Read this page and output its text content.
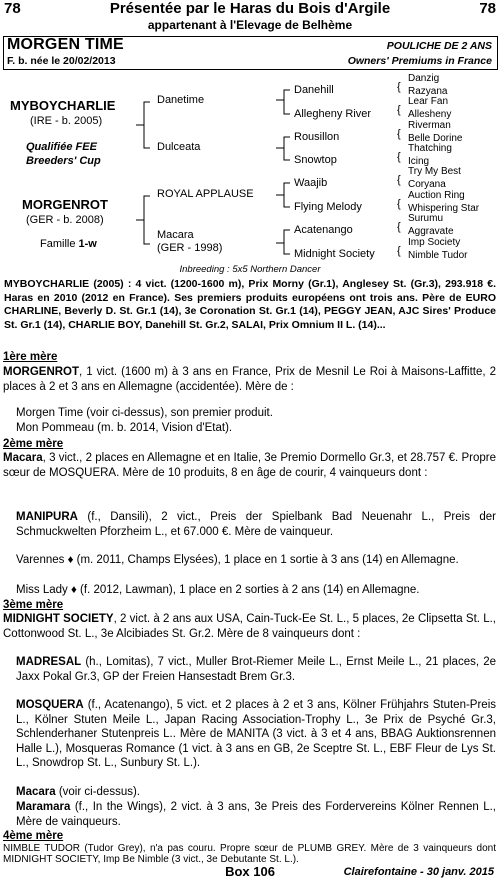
78	Présentée par le Haras du Bois d'Argile	78
appartenant à l'Elevage de Belhème
MORGEN TIME
F. b. née le 20/02/2013
POULICHE DE 2 ANS
Owners' Premiums in France
MYBOYCHARLIE
(IRE - b. 2005)
Qualifiée FEE
Breeders' Cup
MORGENROT
(GER - b. 2008)
Famille 1-w
Danetime
Dulceata
ROYAL APPLAUSE
Macara
(GER - 1998)
Danehill
Allegheny River
Rousillon
Snowtop
Waajib
Flying Melody
Acatenango
Midnight Society
Danzig
Razyana
Lear Fan
Allesheny
Riverman
Belle Dorine
Thatching
Icing
Try My Best
Coryana
Auction Ring
Whispering Star
Surumu
Aggravate
Imp Society
Nimble Tudor
{
{
{
{
{
{
{
{
Inbreeding : 5x5 Northern Dancer
MYBOYCHARLIE (2005) : 4 vict. (1200-1600 m), Prix Morny (Gr.1), Anglesey St. (Gr.3), 293.918 €. Haras en 2010 (2012 en France). Ses premiers produits européens ont trois ans. Père de EURO CHARLINE, Beverly D. St. Gr.1 (14), 3e Coronation St. Gr.1 (14), PEGGY JEAN, AJC Sires' Produce St. Gr.1 (14), CHARLIE BOY, Danehill St. Gr.2, SALAI, Prix Omnium II L. (14)...
1ère mère
MORGENROT, 1 vict. (1600 m) à 3 ans en France, Prix de Mesnil Le Roi à Maisons-Laffitte, 2 places à 2 et 3 ans en Allemagne (accidentée). Mère de :
Morgen Time (voir ci-dessus), son premier produit.
Mon Pommeau (m. b. 2014, Vision d'Etat).
2ème mère
Macara, 3 vict., 2 places en Allemagne et en Italie, 3e Premio Dormello Gr.3, et 28.757 €. Propre sœur de MOSQUERA. Mère de 10 produits, 8 en âge de courir, 4 vainqueurs dont :
MANIPURA (f., Dansili), 2 vict., Preis der Spielbank Bad Neuenahr L., Preis der Schmuckwelten Pforzheim L., et 67.000 €. Mère de vainqueur.
Varennes ♦ (m. 2011, Champs Elysées), 1 place en 1 sortie à 3 ans (14) en Allemagne.
Miss Lady ♦ (f. 2012, Lawman), 1 place en 2 sorties à 2 ans (14) en Allemagne.
3ème mère
MIDNIGHT SOCIETY, 2 vict. à 2 ans aux USA, Cain-Tuck-Ee St. L., 5 places, 2e Clipsetta St. L., Cottonwood St. L., 3e Alcibiades St. Gr.2. Mère de 8 vainqueurs dont :
MADRESAL (h., Lomitas), 7 vict., Muller Brot-Riemer Meile L., Ernst Meile L., 21 places, 2e Jaxx Pokal Gr.3, GP der Freien Hansestadt Brem Gr.3.
MOSQUERA (f., Acatenango), 5 vict. et 2 places à 2 et 3 ans, Kölner Frühjahrs Stuten-Preis L., Kölner Stuten Meile L., Japan Racing Association-Trophy L., 3e Prix de Psyché Gr.3, Schlenderhaner Stutenpreis L.. Mère de MANITA (3 vict. à 3 et 4 ans, BBAG Auktionsrennen Halle L.), Mosqueras Romance (1 vict. à 3 ans en GB, 2e Sceptre St. L., EBF Fleur de Lys St. L., Snowdrop St. L., Sunbury St. L.).
Macara (voir ci-dessus).
Maramara (f., In the Wings), 2 vict. à 3 ans, 3e Preis des Fordervereins Kölner Rennen L., Mère de vainqueurs.
4ème mère
NIMBLE TUDOR (Tudor Grey), n'a pas couru. Propre sœur de PLUMB GREY. Mère de 3 vainqueurs dont MIDNIGHT SOCIETY, Imp Be Nimble (3 vict., 3e Debutante St. L.).
Box 106	Clairefontaine - 30 janv. 2015
